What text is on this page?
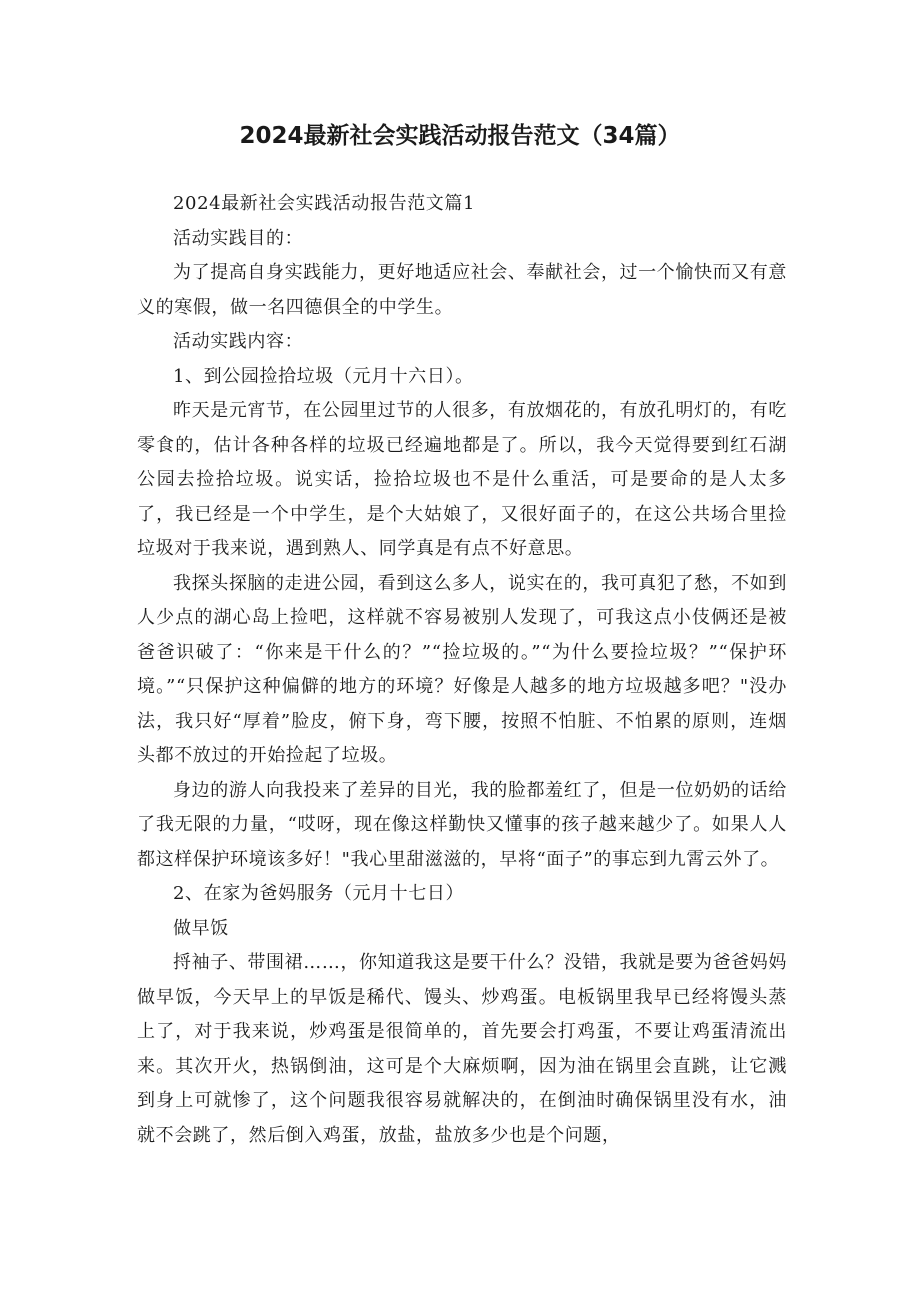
2024最新社会实践活动报告范文（34篇）

2024最新社会实践活动报告范文篇1

活动实践目的：

为了提高自身实践能力，更好地适应社会、奉献社会，过一个愉快而又有意义的寒假，做一名四德俱全的中学生。

活动实践内容：

1、到公园捡拾垃圾（元月十六日）。

昨天是元宵节，在公园里过节的人很多，有放烟花的，有放孔明灯的，有吃零食的，估计各种各样的垃圾已经遍地都是了。所以，我今天觉得要到红石湖公园去捡拾垃圾。说实话，捡拾垃圾也不是什么重活，可是要命的是人太多了，我已经是一个中学生，是个大姑娘了，又很好面子的，在这公共场合里捡垃圾对于我来说，遇到熟人、同学真是有点不好意思。

我探头探脑的走进公园，看到这么多人，说实在的，我可真犯了愁，不如到人少点的湖心岛上捡吧，这样就不容易被别人发现了，可我这点小伎俩还是被爸爸识破了：“你来是干什么的？”“捡垃圾的。”“为什么要捡垃圾？”“保护环境。”“只保护这种偏僻的地方的环境？好像是人越多的地方垃圾越多吧？"没办法，我只好“厚着”脸皮，俯下身，弯下腰，按照不怕脏、不怕累的原则，连烟头都不放过的开始捡起了垃圾。

身边的游人向我投来了差异的目光，我的脸都羞红了，但是一位奶奶的话给了我无限的力量，“哎呀，现在像这样勤快又懂事的孩子越来越少了。如果人人都这样保护环境该多好！"我心里甜滋滋的，早将“面子”的事忘到九霄云外了。

2、在家为爸妈服务（元月十七日）

做早饭

捋袖子、带围裙……，你知道我这是要干什么？没错，我就是要为爸爸妈妈做早饭，今天早上的早饭是稀代、馒头、炒鸡蛋。电板锅里我早已经将馒头蒸上了，对于我来说，炒鸡蛋是很简单的，首先要会打鸡蛋，不要让鸡蛋清流出来。其次开火，热锅倒油，这可是个大麻烦啊，因为油在锅里会直跳，让它溅到身上可就惨了，这个问题我很容易就解决的，在倒油时确保锅里没有水，油就不会跳了，然后倒入鸡蛋，放盐，盐放多少也是个问题，
